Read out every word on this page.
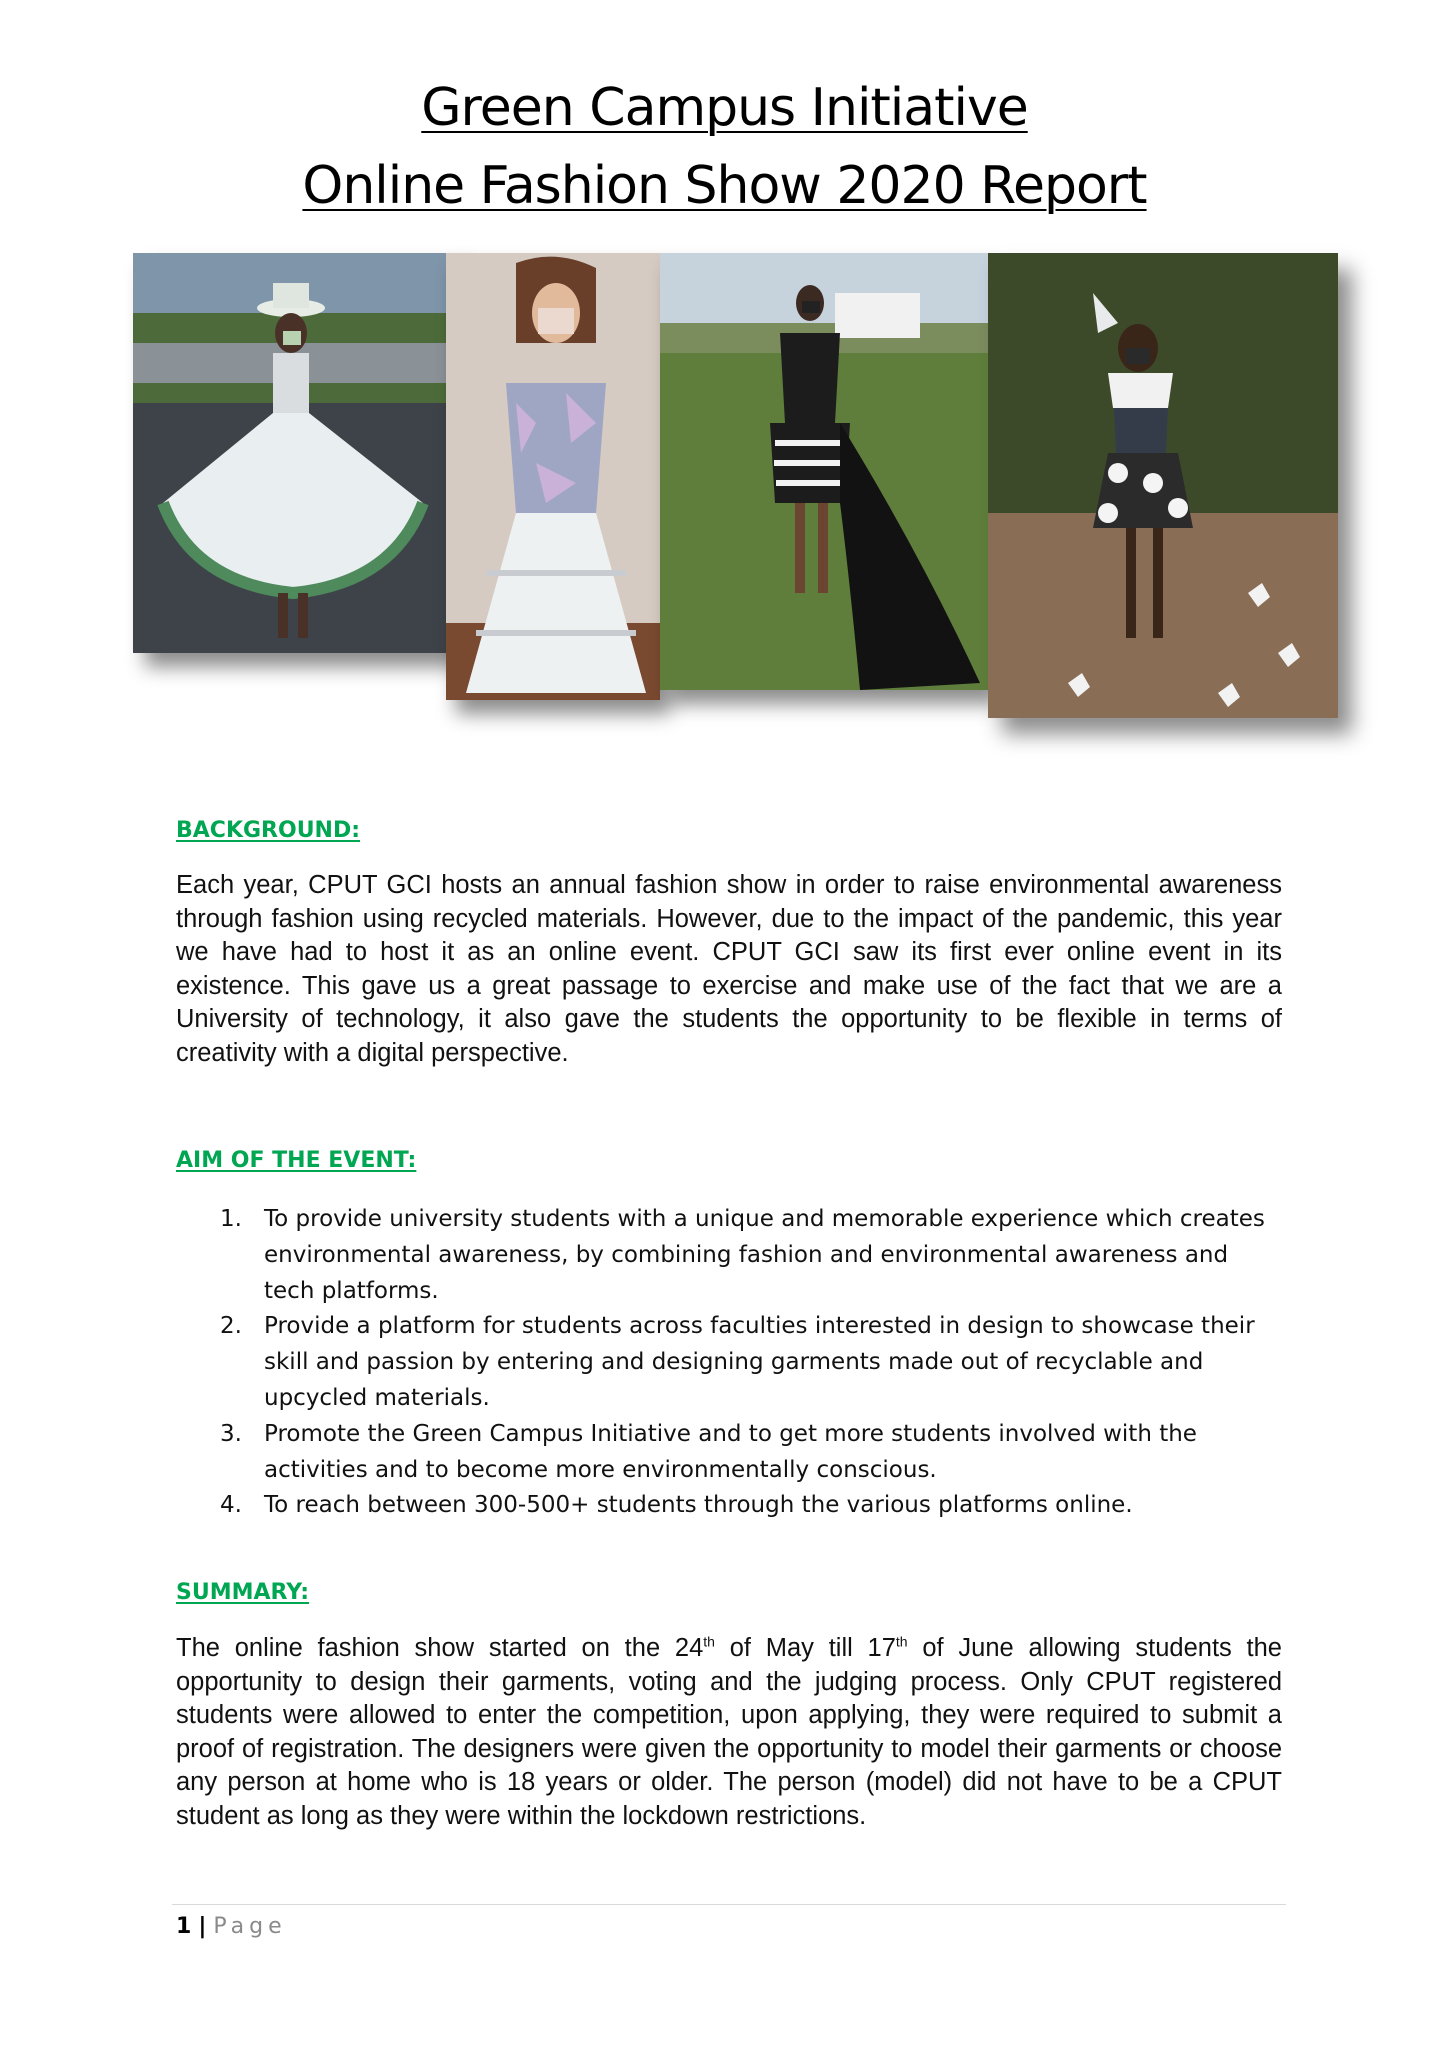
Green Campus Initiative
Online Fashion Show 2020 Report
BACKGROUND:

Each year, CPUT GCI hosts an annual fashion show in order to raise environmental awareness through fashion using recycled materials. However, due to the impact of the pandemic, this year we have had to host it as an online event. CPUT GCI saw its first ever online event in its existence. This gave us a great passage to exercise and make use of the fact that we are a University of technology, it also gave the students the opportunity to be flexible in terms of creativity with a digital perspective.

AIM OF THE EVENT:
1. To provide university students with a unique and memorable experience which creates environmental awareness, by combining fashion and environmental awareness and tech platforms.
2. Provide a platform for students across faculties interested in design to showcase their skill and passion by entering and designing garments made out of recyclable and upcycled materials.
3. Promote the Green Campus Initiative and to get more students involved with the activities and to become more environmentally conscious.
4. To reach between 300-500+ students through the various platforms online.
SUMMARY:

The online fashion show started on the 24th of May till 17th of June allowing students the opportunity to design their garments, voting and the judging process. Only CPUT registered students were allowed to enter the competition, upon applying, they were required to submit a proof of registration. The designers were given the opportunity to model their garments or choose any person at home who is 18 years or older. The person (model) did not have to be a CPUT student as long as they were within the lockdown restrictions.

1 | Page
